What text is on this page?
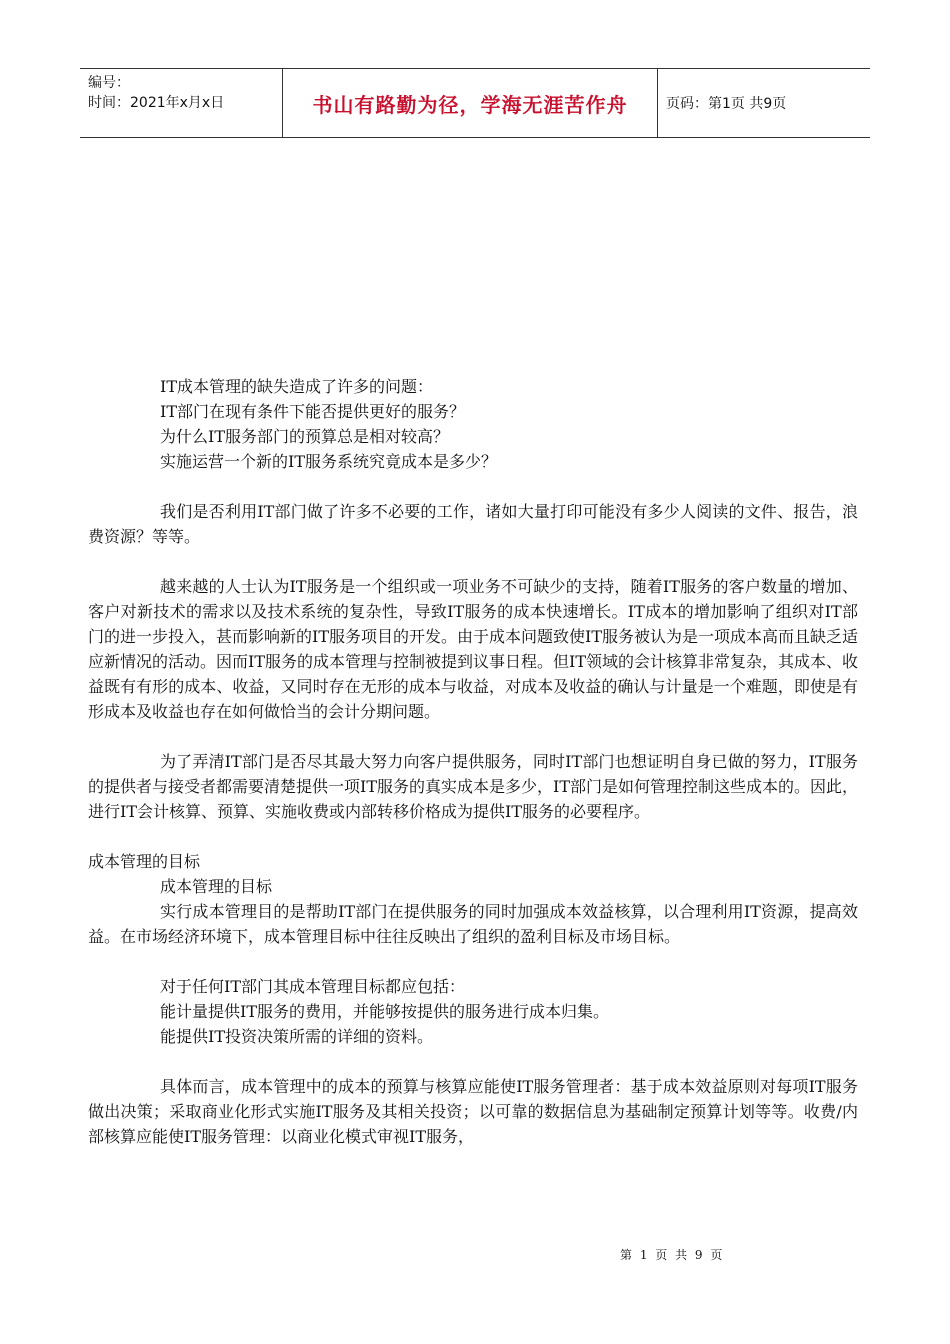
编号：
时间：2021年x月x日	书山有路勤为径，学海无涯苦作舟	页码：第1页 共9页

IT成本管理的缺失造成了许多的问题：

IT部门在现有条件下能否提供更好的服务？

为什么IT服务部门的预算总是相对较高？

实施运营一个新的IT服务系统究竟成本是多少？

我们是否利用IT部门做了许多不必要的工作，诸如大量打印可能没有多少人阅读的文件、报告，浪费资源？等等。

越来越的人士认为IT服务是一个组织或一项业务不可缺少的支持，随着IT服务的客户数量的增加、客户对新技术的需求以及技术系统的复杂性，导致IT服务的成本快速增长。IT成本的增加影响了组织对IT部门的进一步投入，甚而影响新的IT服务项目的开发。由于成本问题致使IT服务被认为是一项成本高而且缺乏适应新情况的活动。因而IT服务的成本管理与控制被提到议事日程。但IT领域的会计核算非常复杂，其成本、收益既有有形的成本、收益，又同时存在无形的成本与收益，对成本及收益的确认与计量是一个难题，即使是有形成本及收益也存在如何做恰当的会计分期问题。

为了弄清IT部门是否尽其最大努力向客户提供服务，同时IT部门也想证明自身已做的努力，IT服务的提供者与接受者都需要清楚提供一项IT服务的真实成本是多少，IT部门是如何管理控制这些成本的。因此，进行IT会计核算、预算、实施收费或内部转移价格成为提供IT服务的必要程序。

成本管理的目标

成本管理的目标

实行成本管理目的是帮助IT部门在提供服务的同时加强成本效益核算，以合理利用IT资源，提高效益。在市场经济环境下，成本管理目标中往往反映出了组织的盈利目标及市场目标。

对于任何IT部门其成本管理目标都应包括：

能计量提供IT服务的费用，并能够按提供的服务进行成本归集。

能提供IT投资决策所需的详细的资料。

具体而言，成本管理中的成本的预算与核算应能使IT服务管理者：基于成本效益原则对每项IT服务做出决策；采取商业化形式实施IT服务及其相关投资；以可靠的数据信息为基础制定预算计划等等。收费/内部核算应能使IT服务管理：以商业化模式审视IT服务，

第 1 页 共 9 页
